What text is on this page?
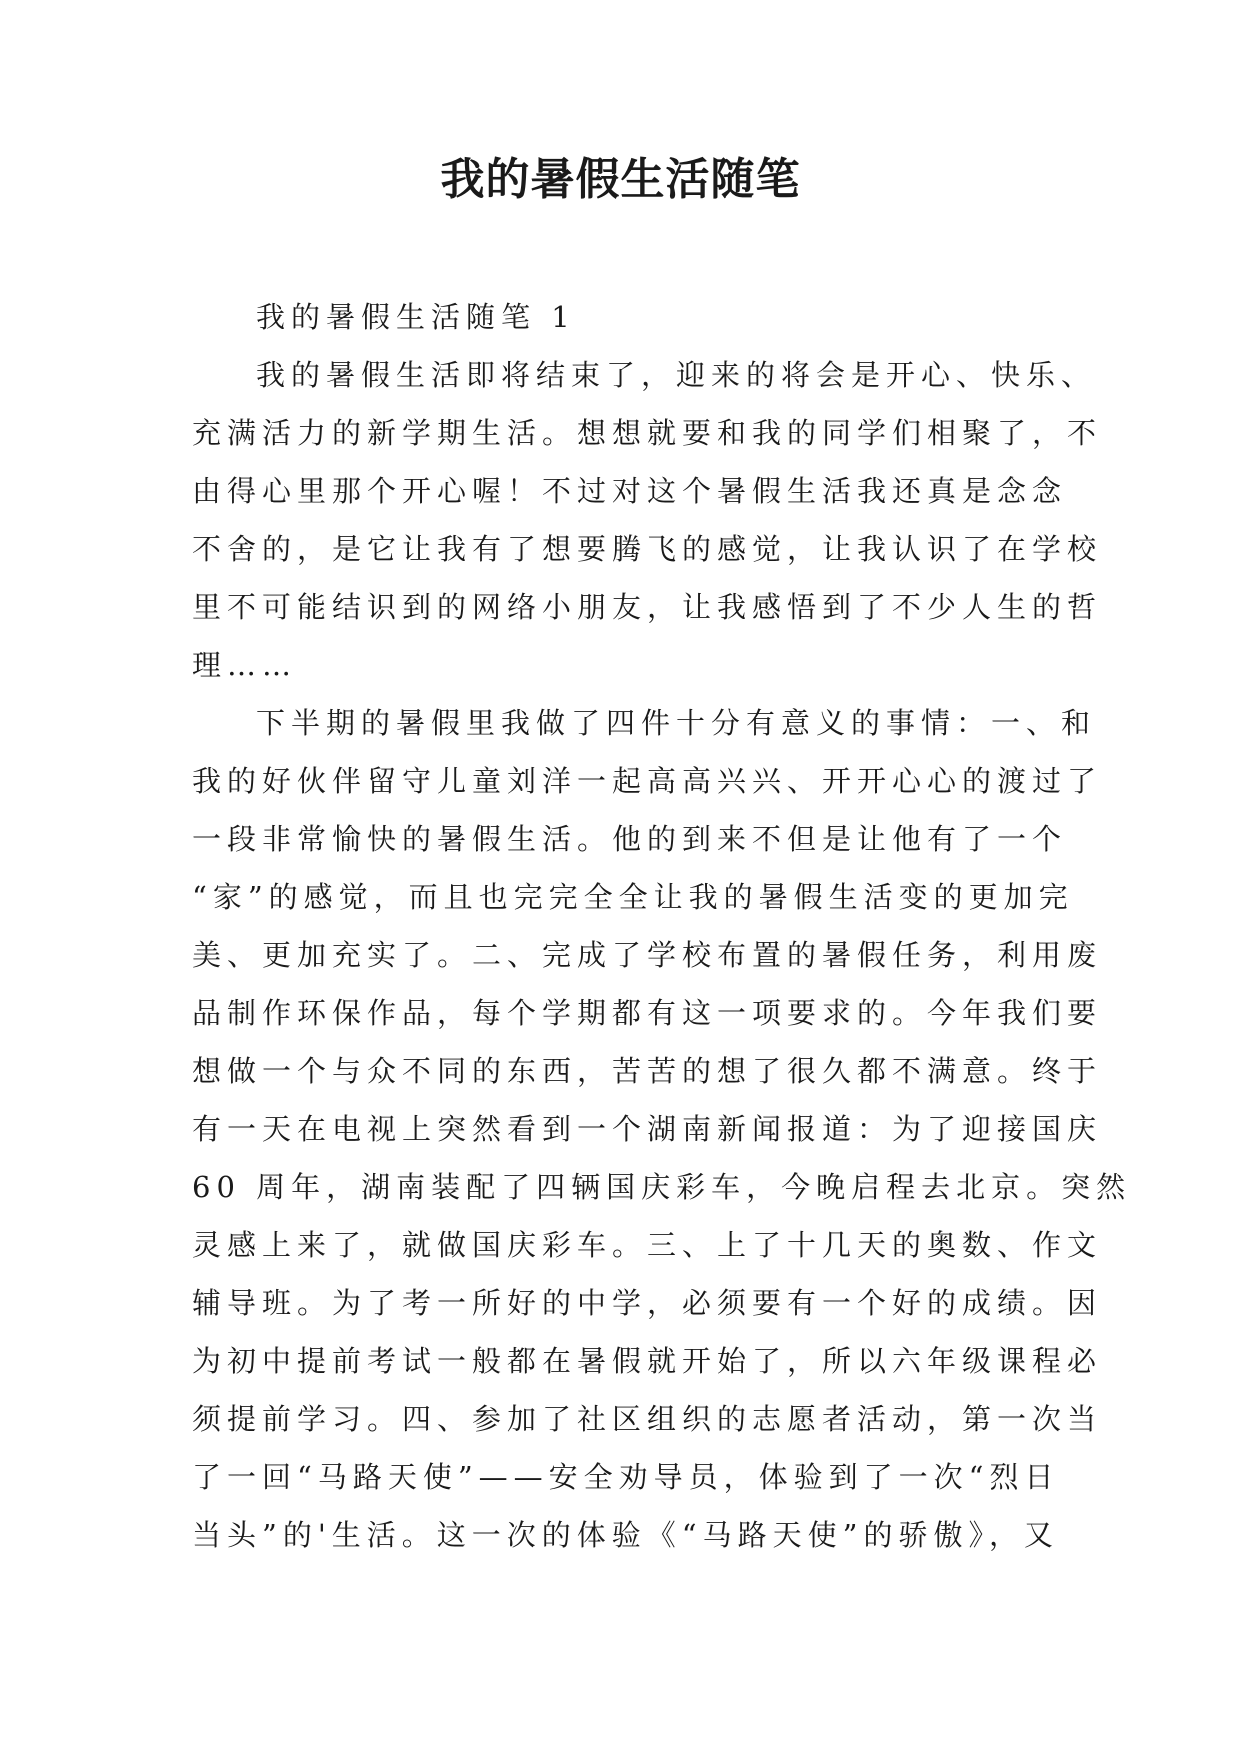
我的暑假生活随笔
我的暑假生活随笔 1
我的暑假生活即将结束了，迎来的将会是开心、快乐、
充满活力的新学期生活。想想就要和我的同学们相聚了，不
由得心里那个开心喔！不过对这个暑假生活我还真是念念
不舍的，是它让我有了想要腾飞的感觉，让我认识了在学校
里不可能结识到的网络小朋友，让我感悟到了不少人生的哲
理……
下半期的暑假里我做了四件十分有意义的事情：一、和
我的好伙伴留守儿童刘洋一起高高兴兴、开开心心的渡过了
一段非常愉快的暑假生活。他的到来不但是让他有了一个
“家”的感觉，而且也完完全全让我的暑假生活变的更加完
美、更加充实了。二、完成了学校布置的暑假任务，利用废
品制作环保作品，每个学期都有这一项要求的。今年我们要
想做一个与众不同的东西，苦苦的想了很久都不满意。终于
有一天在电视上突然看到一个湖南新闻报道：为了迎接国庆
60 周年，湖南装配了四辆国庆彩车，今晚启程去北京。突然
灵感上来了，就做国庆彩车。三、上了十几天的奥数、作文
辅导班。为了考一所好的中学，必须要有一个好的成绩。因
为初中提前考试一般都在暑假就开始了，所以六年级课程必
须提前学习。四、参加了社区组织的志愿者活动，第一次当
了一回“马路天使”——安全劝导员，体验到了一次“烈日
当头”的'生活。这一次的体验《“马路天使”的骄傲》，又
